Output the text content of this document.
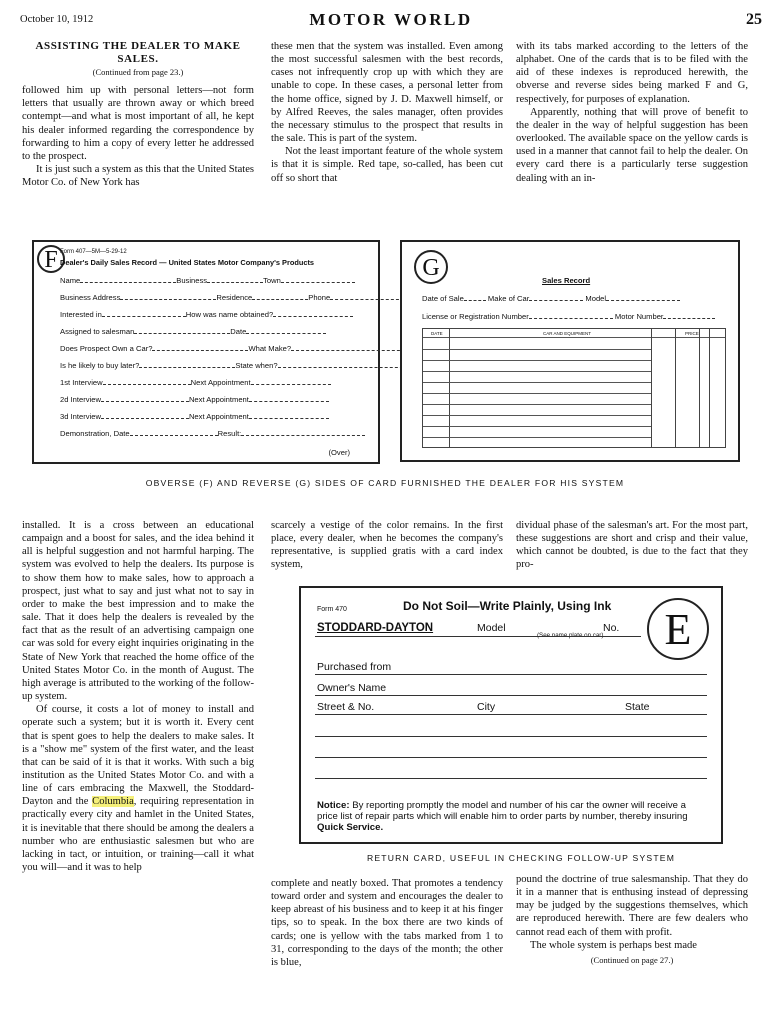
October 10, 1912	MOTOR WORLD	25

ASSISTING THE DEALER TO MAKE SALES.

(Continued from page 23.)

followed him up with personal letters—not form letters that usually are thrown away or which breed contempt—and what is most important of all, he kept his dealer informed regarding the correspondence by forwarding to him a copy of every letter he addressed to the prospect.

It is just such a system as this that the United States Motor Co. of New York has

these men that the system was installed. Even among the most successful salesmen with the best records, cases not infrequently crop up with which they are unable to cope. In these cases, a personal letter from the home office, signed by J. D. Maxwell himself, or by Alfred Reeves, the sales manager, often provides the necessary stimulus to the prospect that results in the sale. This is part of the system.

Not the least important feature of the whole system is that it is simple. Red tape, so-called, has been cut off so short that

with its tabs marked according to the letters of the alphabet. One of the cards that is to be filed with the aid of these indexes is reproduced herewith, the obverse and reverse sides being marked F and G, respectively, for purposes of explanation.

Apparently, nothing that will prove of benefit to the dealer in the way of helpful suggestion has been overlooked. The available space on the yellow cards is used in a manner that cannot fail to help the dealer. On every card there is a particularly terse suggestion dealing with an in-

F Form 407—5M—5-29-12
Dealer's Daily Sales Record — United States Motor Company's Products
Name	Business	Town
Business Address	Residence	Phone
Interested in	How was name obtained?
Assigned to salesman	Date
Does Prospect Own a Car?	What Make?
Is he likely to buy later?	State when?
1st Interview	Next Appointment
2d Interview	Next Appointment
3d Interview	Next Appointment
Demonstration, Date	Result:
(Over)
G	Sales Record
Date of Sale	Make of Car	Model
License or Registration Number	Motor Number
DATE	CAR AND EQUIPMENT	PRICE
OBVERSE (F) AND REVERSE (G) SIDES OF CARD FURNISHED THE DEALER FOR HIS SYSTEM

installed. It is a cross between an educational campaign and a boost for sales, and the idea behind it all is helpful suggestion and not harmful harping. The system was evolved to help the dealers. Its purpose is to show them how to make sales, how to approach a prospect, just what to say and just what not to say in order to make the best impression and to make the sale. That it does help the dealers is revealed by the fact that as the result of an advertising campaign one car was sold for every eight inquiries originating in the State of New York that reached the home office of the United States Motor Co. in the month of August. The high average is attributed to the working of the follow-up system.

Of course, it costs a lot of money to install and operate such a system; but it is worth it. Every cent that is spent goes to help the dealers to make sales. It is a "show me" system of the first water, and the least that can be said of it is that it works. With such a big institution as the United States Motor Co. and with a line of cars embracing the Maxwell, the Stoddard-Dayton and the Columbia, requiring representation in practically every city and hamlet in the United States, it is inevitable that there should be among the dealers a number who are enthusiastic salesmen but who are lacking in tact, or intuition, or training—call it what you will—and it was to help

scarcely a vestige of the color remains. In the first place, every dealer, when he becomes the company's representative, is supplied gratis with a card index system,

dividual phase of the salesman's art. For the most part, these suggestions are short and crisp and their value, which cannot be doubted, is due to the fact that they pro-

Form 470	Do Not Soil—Write Plainly, Using Ink	E
STODDARD-DAYTON	Model	No.
Purchased from
Owner's Name
Street & No.	City	State
Notice: By reporting promptly the model and number of his car the owner will receive a price list of repair parts which will enable him to order parts by number, thereby insuring Quick Service.
RETURN CARD, USEFUL IN CHECKING FOLLOW-UP SYSTEM

complete and neatly boxed. That promotes a tendency toward order and system and encourages the dealer to keep abreast of his business and to keep it at his finger tips, so to speak. In the box there are two kinds of cards; one is yellow with the tabs marked from 1 to 31, corresponding to the days of the month; the other is blue,

pound the doctrine of true salesmanship. That they do it in a manner that is enthusing instead of depressing may be judged by the suggestions themselves, which are reproduced herewith. There are few dealers who cannot read each of them with profit.

The whole system is perhaps best made

(Continued on page 27.)
